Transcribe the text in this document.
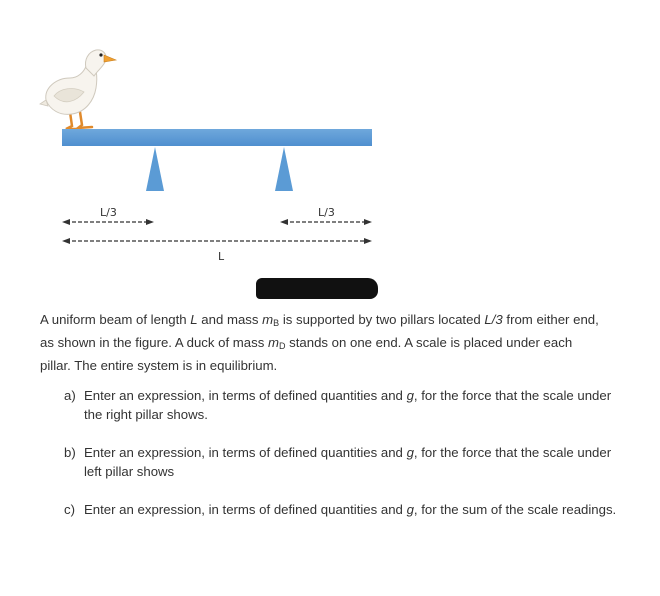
L/3	L/3
L

A uniform beam of length L and mass $m_B$ is supported by two pillars located L/3 from either end, as shown in the figure. A duck of mass $m_D$ stands on one end. A scale is placed under each pillar. The entire system is in equilibrium.

a) Enter an expression, in terms of defined quantities and g, for the force that the scale under the right pillar shows.
b) Enter an expression, in terms of defined quantities and g, for the force that the scale under left pillar shows
c) Enter an expression, in terms of defined quantities and g, for the sum of the scale readings.
